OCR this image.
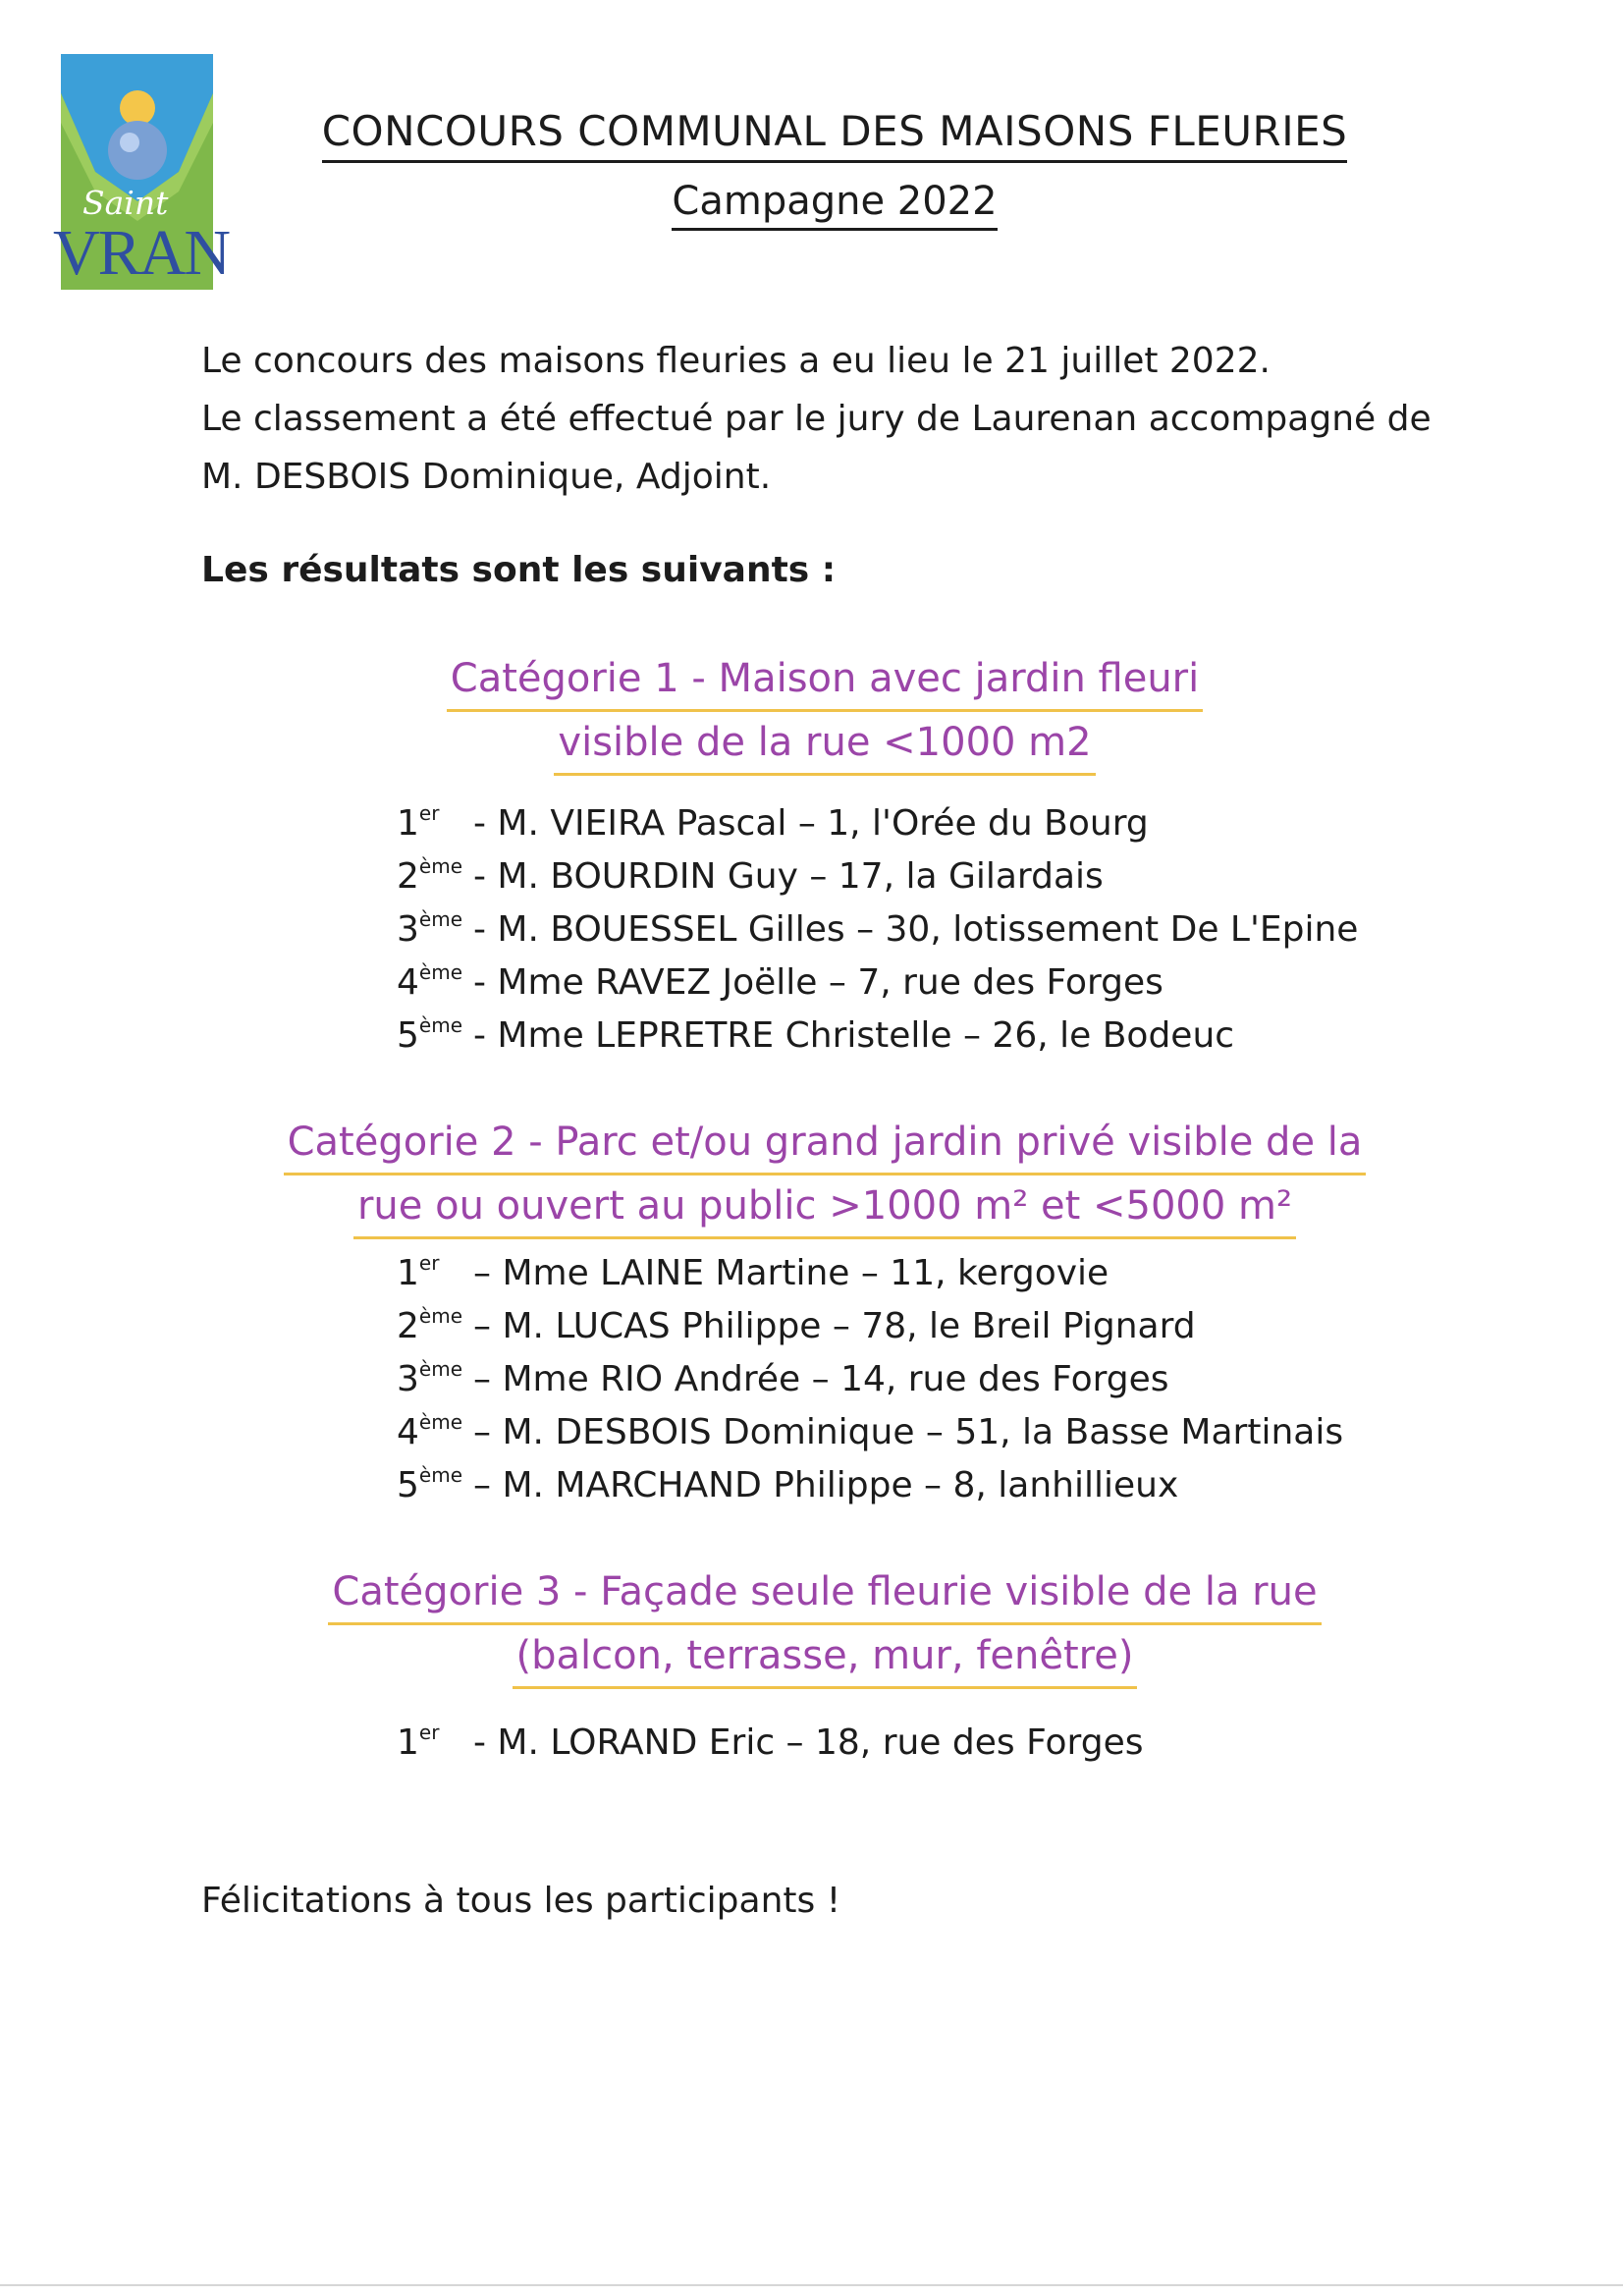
Saint
VRAN
CONCOURS COMMUNAL DES MAISONS FLEURIES
Campagne 2022

Le concours des maisons fleuries a eu lieu le 21 juillet 2022.

Le classement a été effectué par le jury de Laurenan accompagné de

M. DESBOIS Dominique, Adjoint.

Les résultats sont les suivants :

Catégorie 1 - Maison avec jardin fleuri
visible de la rue <1000 m2
1er - M. VIEIRA Pascal – 1, l'Orée du Bourg
2ème - M. BOURDIN Guy – 17, la Gilardais
3ème - M. BOUESSEL Gilles – 30, lotissement De L'Epine
4ème - Mme RAVEZ Joëlle – 7, rue des Forges
5ème - Mme LEPRETRE Christelle – 26, le Bodeuc
Catégorie 2 - Parc et/ou grand jardin privé visible de la
rue ou ouvert au public >1000 m² et <5000 m²
1er – Mme LAINE Martine – 11, kergovie
2ème – M. LUCAS Philippe – 78, le Breil Pignard
3ème – Mme RIO Andrée – 14, rue des Forges
4ème – M. DESBOIS Dominique – 51, la Basse Martinais
5ème – M. MARCHAND Philippe – 8, lanhillieux
Catégorie 3 - Façade seule fleurie visible de la rue
(balcon, terrasse, mur, fenêtre)
1er - M. LORAND Eric – 18, rue des Forges

Félicitations à tous les participants !
